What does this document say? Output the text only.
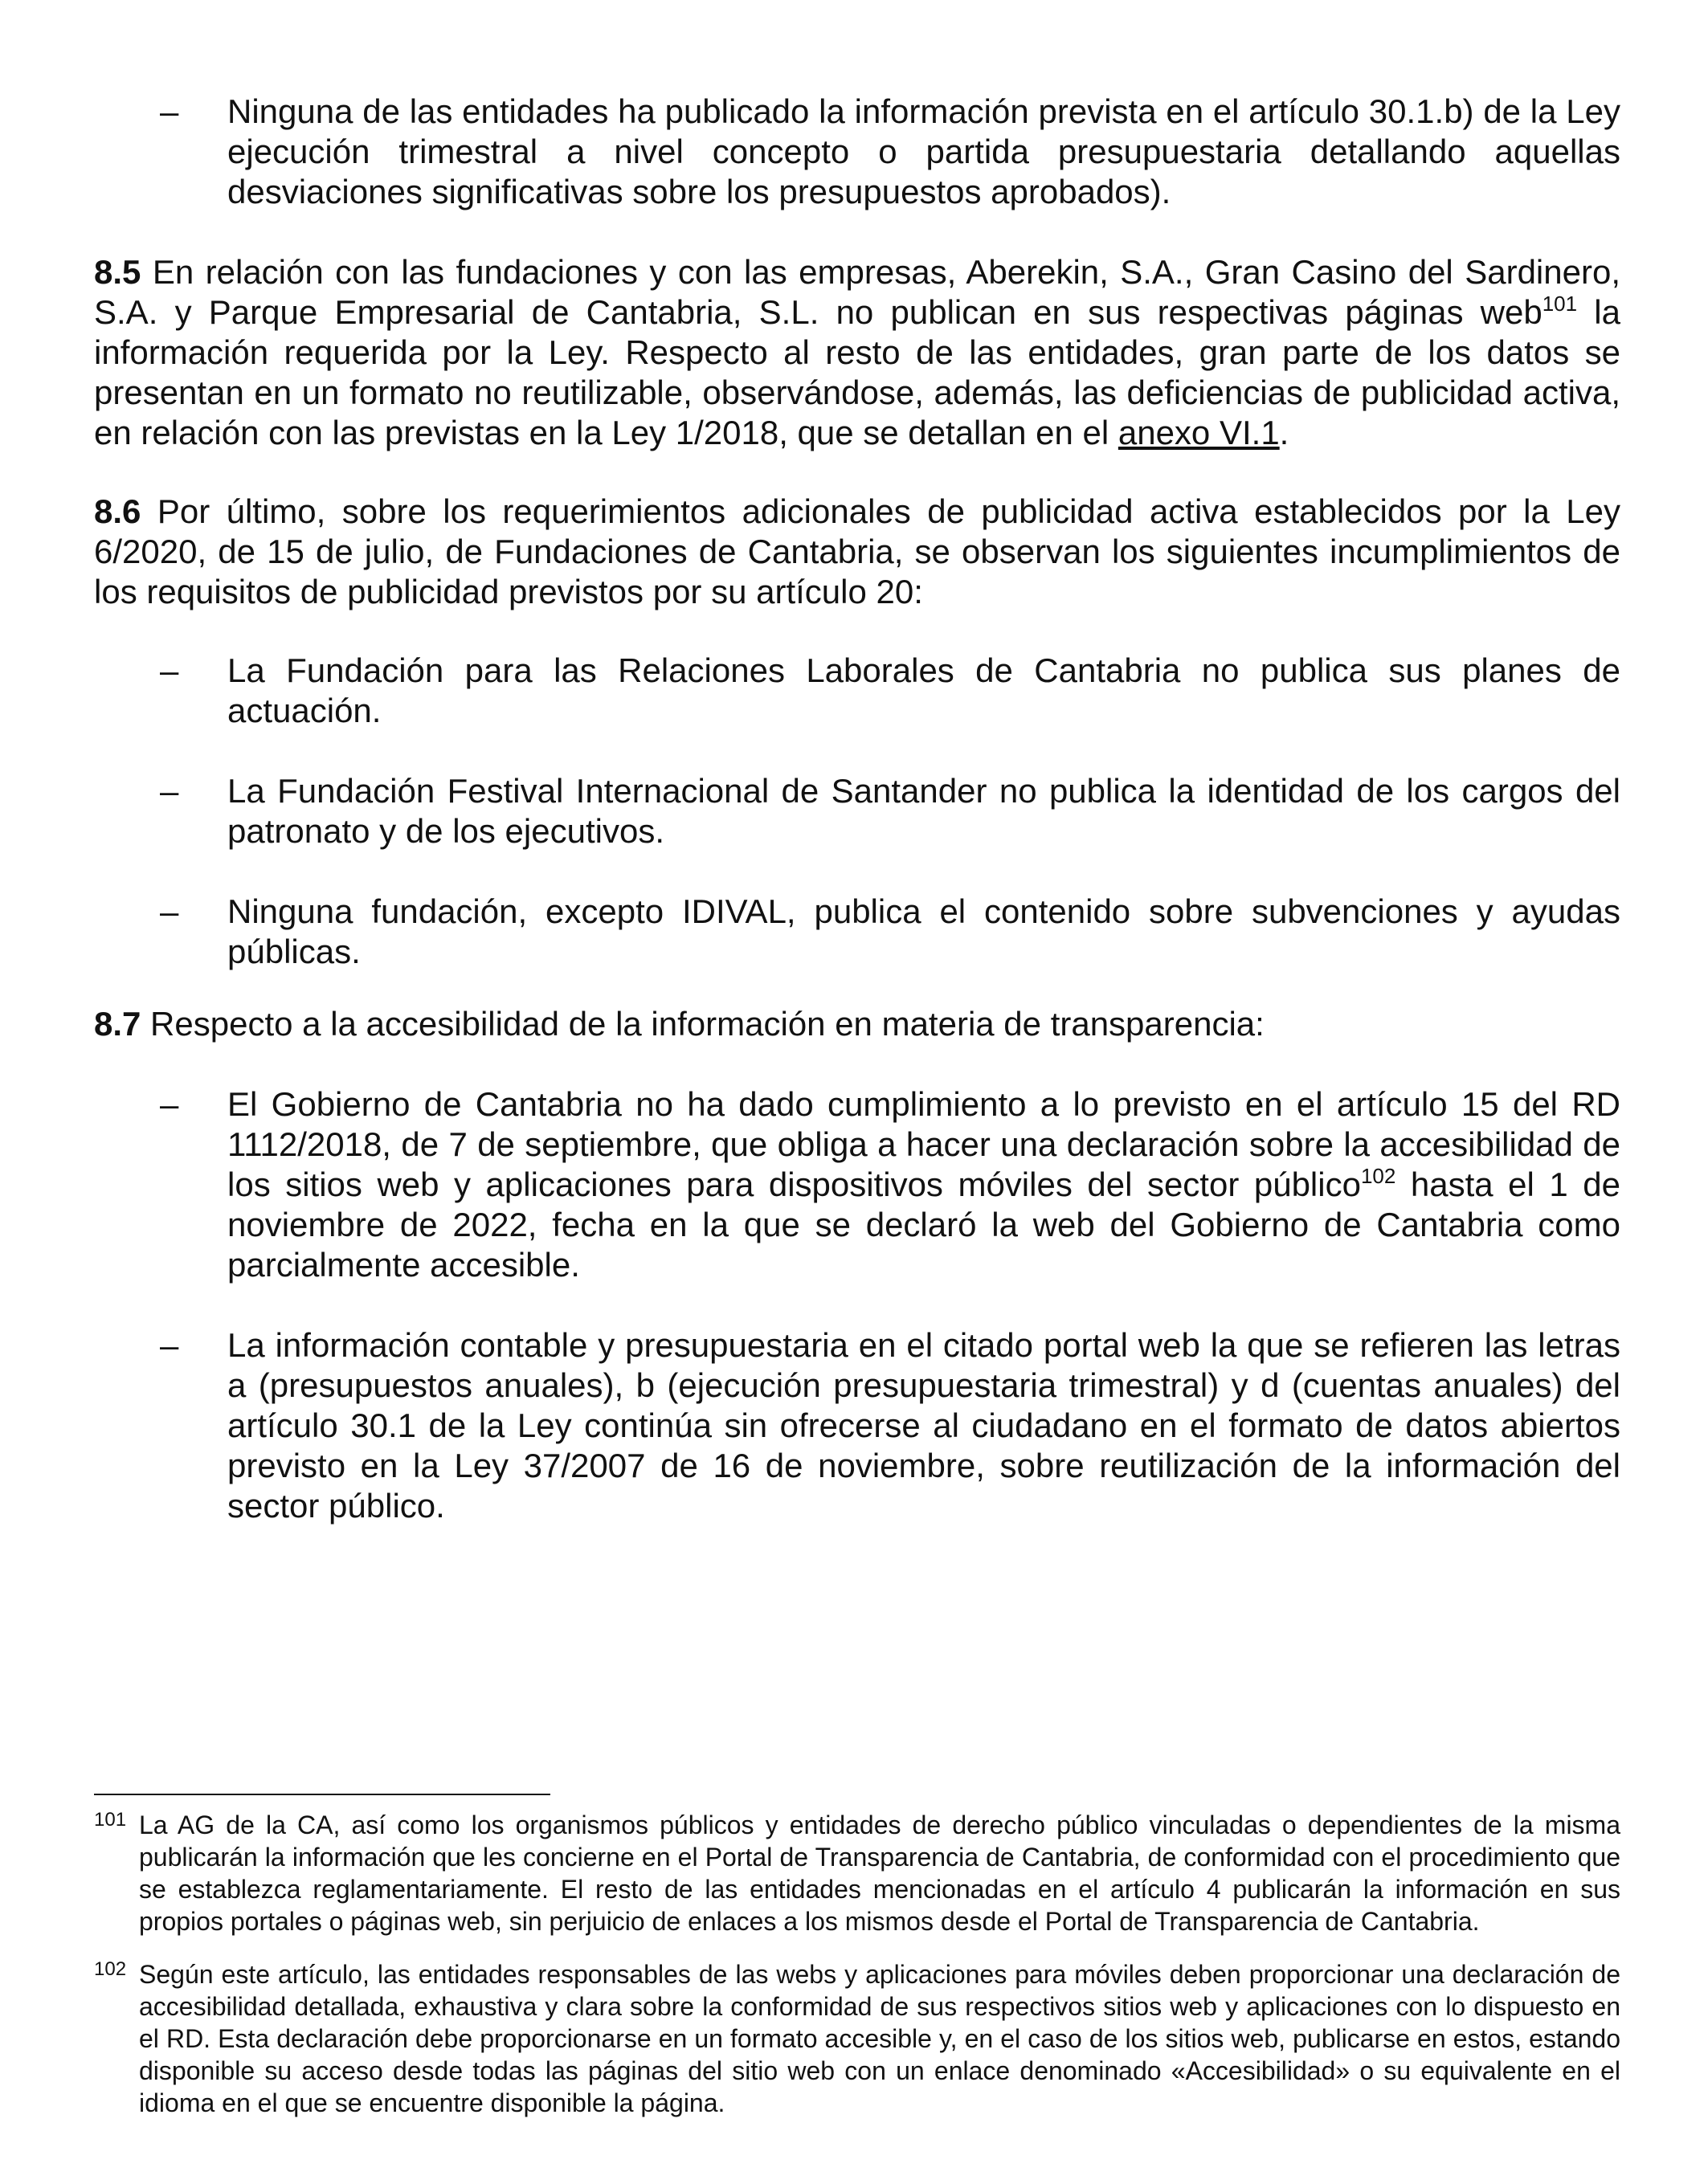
– Ninguna de las entidades ha publicado la información prevista en el artículo 30.1.b) de la Ley ejecución trimestral a nivel concepto o partida presupuestaria detallando aquellas desviaciones significativas sobre los presupuestos aprobados).

8.5 En relación con las fundaciones y con las empresas, Aberekin, S.A., Gran Casino del Sardinero, S.A. y Parque Empresarial de Cantabria, S.L. no publican en sus respectivas páginas web$^{101}$ la información requerida por la Ley. Respecto al resto de las entidades, gran parte de los datos se presentan en un formato no reutilizable, observándose, además, las deficiencias de publicidad activa, en relación con las previstas en la Ley 1/2018, que se detallan en el anexo VI.1.

8.6 Por último, sobre los requerimientos adicionales de publicidad activa establecidos por la Ley 6/2020, de 15 de julio, de Fundaciones de Cantabria, se observan los siguientes incumplimientos de los requisitos de publicidad previstos por su artículo 20:

– La Fundación para las Relaciones Laborales de Cantabria no publica sus planes de actuación.
– La Fundación Festival Internacional de Santander no publica la identidad de los cargos del patronato y de los ejecutivos.
– Ninguna fundación, excepto IDIVAL, publica el contenido sobre subvenciones y ayudas públicas.

8.7 Respecto a la accesibilidad de la información en materia de transparencia:

– El Gobierno de Cantabria no ha dado cumplimiento a lo previsto en el artículo 15 del RD 1112/2018, de 7 de septiembre, que obliga a hacer una declaración sobre la accesibilidad de los sitios web y aplicaciones para dispositivos móviles del sector público$^{102}$ hasta el 1 de noviembre de 2022, fecha en la que se declaró la web del Gobierno de Cantabria como parcialmente accesible.
– La información contable y presupuestaria en el citado portal web la que se refieren las letras a (presupuestos anuales), b (ejecución presupuestaria trimestral) y d (cuentas anuales) del artículo 30.1 de la Ley continúa sin ofrecerse al ciudadano en el formato de datos abiertos previsto en la Ley 37/2007 de 16 de noviembre, sobre reutilización de la información del sector público.
101 La AG de la CA, así como los organismos públicos y entidades de derecho público vinculadas o dependientes de la misma publicarán la información que les concierne en el Portal de Transparencia de Cantabria, de conformidad con el procedimiento que se establezca reglamentariamente. El resto de las entidades mencionadas en el artículo 4 publicarán la información en sus propios portales o páginas web, sin perjuicio de enlaces a los mismos desde el Portal de Transparencia de Cantabria.
102 Según este artículo, las entidades responsables de las webs y aplicaciones para móviles deben proporcionar una declaración de accesibilidad detallada, exhaustiva y clara sobre la conformidad de sus respectivos sitios web y aplicaciones con lo dispuesto en el RD. Esta declaración debe proporcionarse en un formato accesible y, en el caso de los sitios web, publicarse en estos, estando disponible su acceso desde todas las páginas del sitio web con un enlace denominado «Accesibilidad» o su equivalente en el idioma en el que se encuentre disponible la página.
